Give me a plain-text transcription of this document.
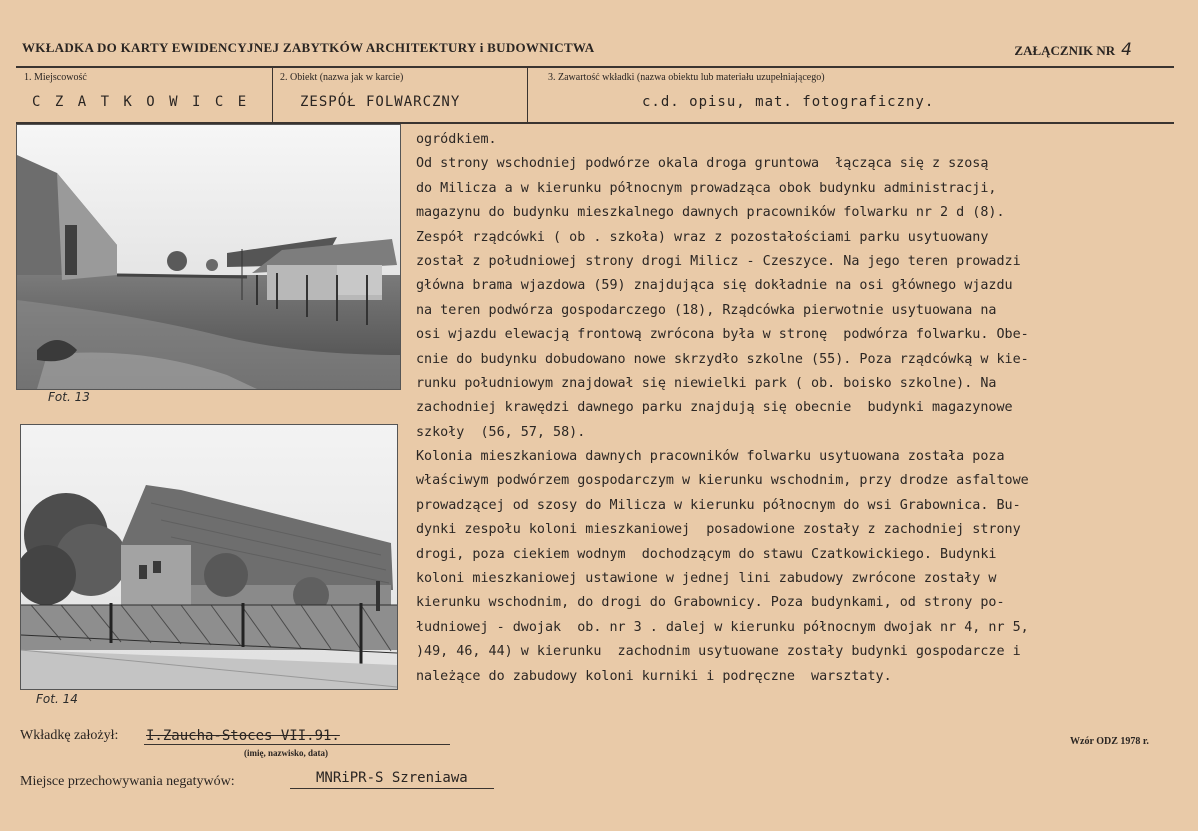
WKŁADKA DO KARTY EWIDENCYJNEJ ZABYTKÓW ARCHITEKTURY i BUDOWNICTWA	ZAŁĄCZNIK NR 4
1. Miejscowość
C Z A T K O W I C E
2. Obiekt (nazwa jak w karcie)
ZESPÓŁ FOLWARCZNY
3. Zawartość wkładki (nazwa obiektu lub materiału uzupełniającego)
c.d. opisu, mat. fotograficzny.
Fot. 13
Fot. 14
ogródkiem.
Od strony wschodniej podwórze okala droga gruntowa  łącząca się z szosą
do Milicza a w kierunku północnym prowadząca obok budynku administracji,
magazynu do budynku mieszkalnego dawnych pracowników folwarku nr 2 d (8).
Zespół rządcówki ( ob . szkoła) wraz z pozostałościami parku usytuowany
został z południowej strony drogi Milicz - Czeszyce. Na jego teren prowadzi
główna brama wjazdowa (59) znajdująca się dokładnie na osi głównego wjazdu
na teren podwórza gospodarczego (18), Rządcówka pierwotnie usytuowana na
osi wjazdu elewacją frontową zwrócona była w stronę  podwórza folwarku. Obe-
cnie do budynku dobudowano nowe skrzydło szkolne (55). Poza rządcówką w kie-
runku południowym znajdował się niewielki park ( ob. boisko szkolne). Na
zachodniej krawędzi dawnego parku znajdują się obecnie  budynki magazynowe
szkoły  (56, 57, 58).
Kolonia mieszkaniowa dawnych pracowników folwarku usytuowana została poza
właściwym podwórzem gospodarczym w kierunku wschodnim, przy drodze asfaltowe
prowadzącej od szosy do Milicza w kierunku północnym do wsi Grabownica. Bu-
dynki zespołu koloni mieszkaniowej  posadowione zostały z zachodniej strony
drogi, poza ciekiem wodnym  dochodzącym do stawu Czatkowickiego. Budynki
koloni mieszkaniowej ustawione w jednej lini zabudowy zwrócone zostały w
kierunku wschodnim, do drogi do Grabownicy. Poza budynkami, od strony po-
łudniowej - dwojak  ob. nr 3 . dalej w kierunku północnym dwojak nr 4, nr 5,
)49, 46, 44) w kierunku  zachodnim usytuowane zostały budynki gospodarcze i
należące do zabudowy koloni kurniki i podręczne  warsztaty.
Wkładkę założył: I.Zaucha-Stoces VII.91.
(imię, nazwisko, data)
Wzór ODZ 1978 r.
Miejsce przechowywania negatywów:	MNRiPR-S Szreniawa
